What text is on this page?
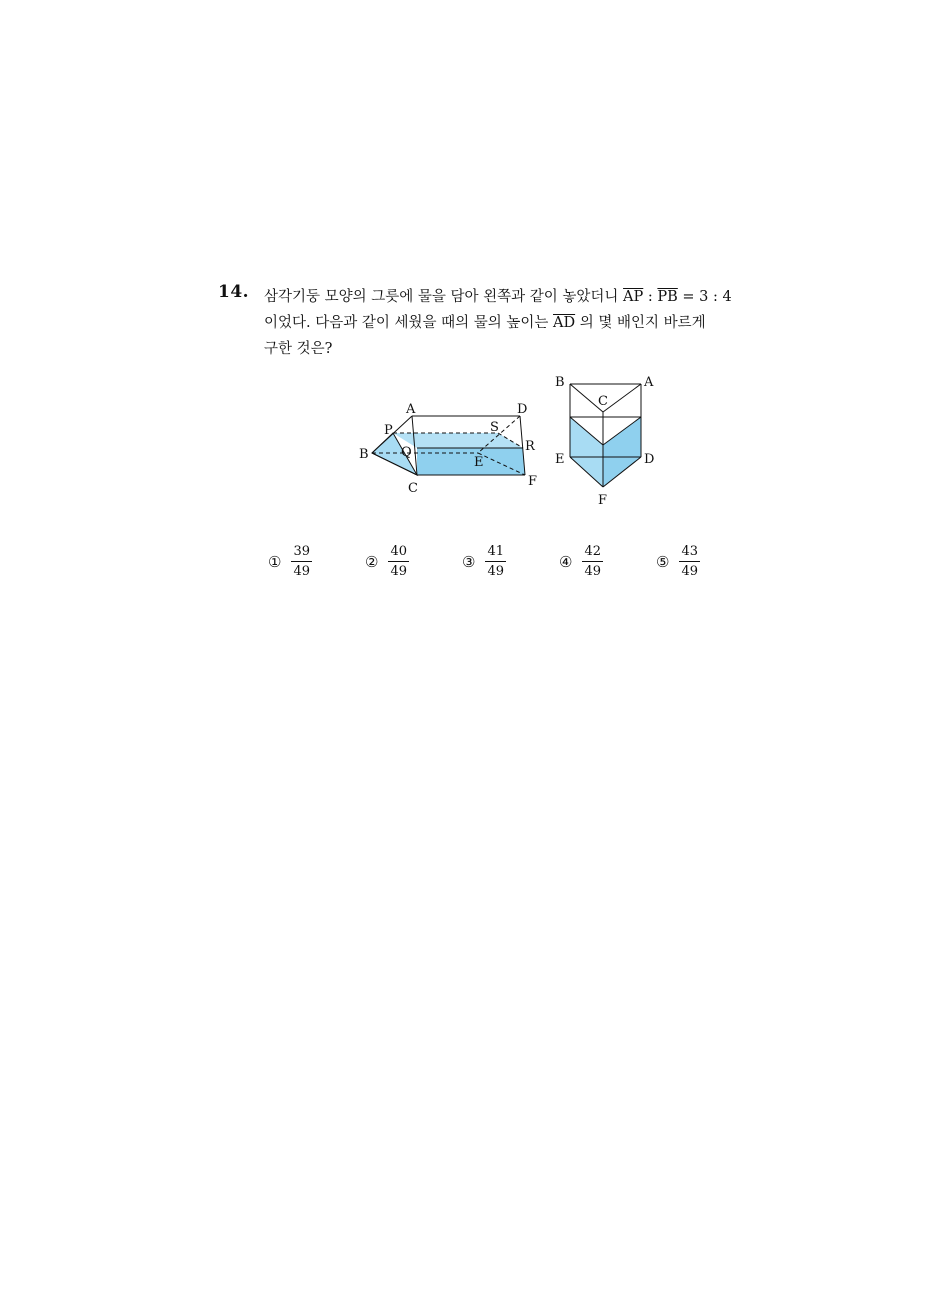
14. 삼각기둥 모양의 그릇에 물을 담아 왼쪽과 같이 놓았더니 $\overline{AP}$ : $\overline{PB} = 3$ : 4
이었다. 다음과 같이 세웠을 때의 물의 높이는 $\overline{AD}$ 의 몇 배인지 바르게
구한 것은?
A	D
P	S
B Q	R
E
C	F
B	A
C
E	D
F
① $\frac{39}{49}$	② $\frac{40}{49}$	③ $\frac{41}{49}$	④ $\frac{42}{49}$	⑤ $\frac{43}{49}$
